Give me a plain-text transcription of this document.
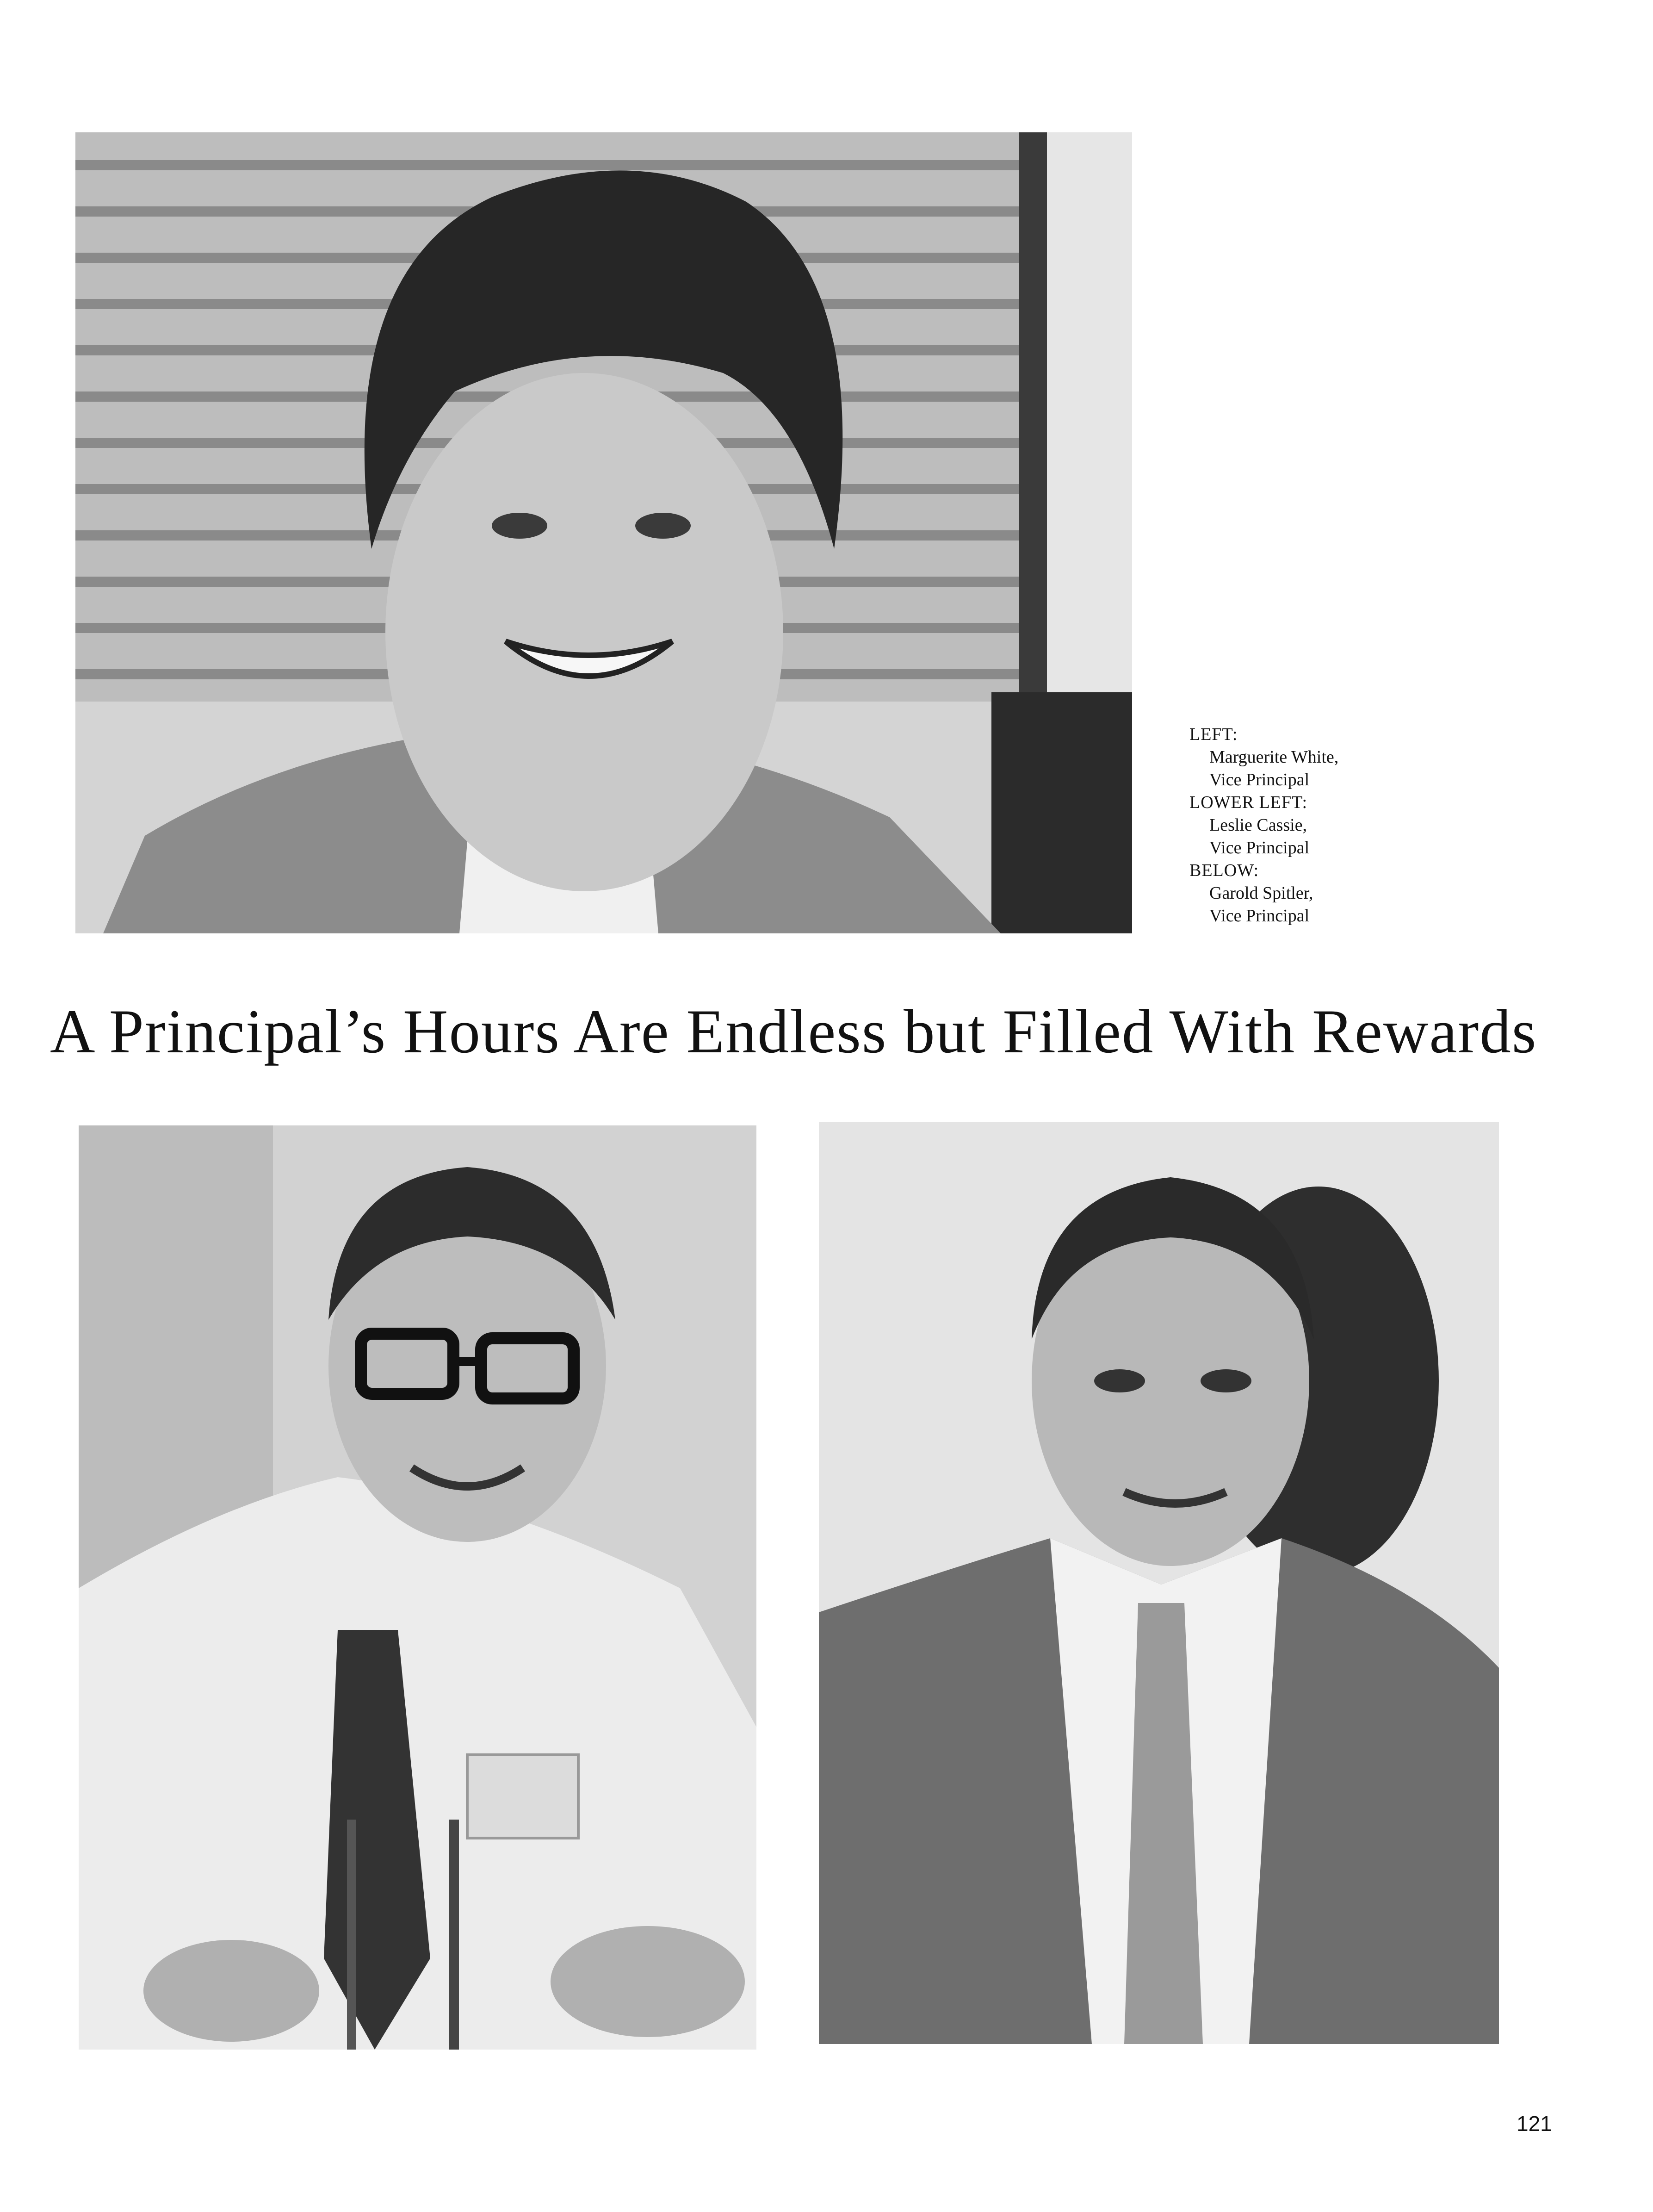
LEFT:
Marguerite White,
Vice Principal
LOWER LEFT:
Leslie Cassie,
Vice Principal
BELOW:
Garold Spitler,
Vice Principal
A Principal’s Hours Are Endless but Filled With Rewards
121
